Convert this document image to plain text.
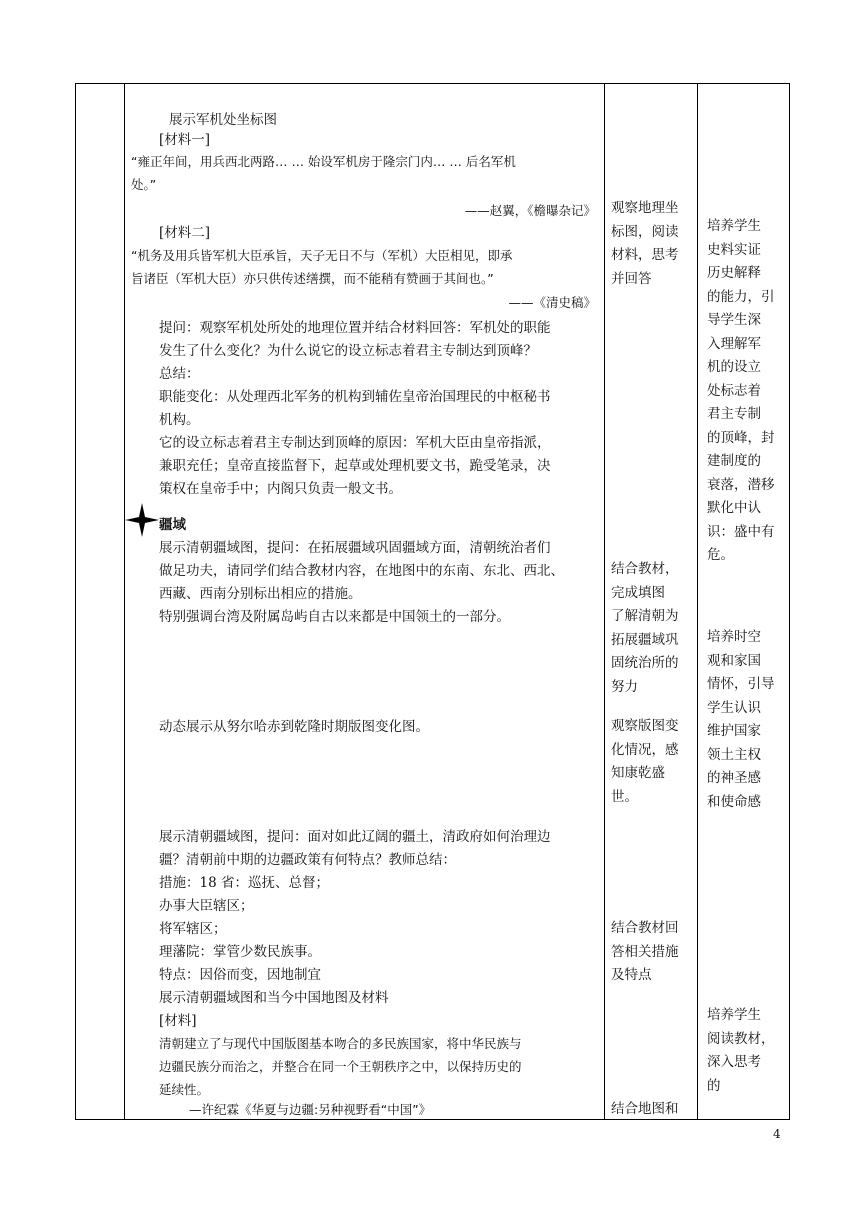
展示军机处坐标图
[材料一]
“雍正年间，用兵西北两路… … 始设军机房于隆宗门内… … 后名军机
处。”
——赵翼，《檐曝杂记》
[材料二]
“机务及用兵皆军机大臣承旨，天子无日不与（军机）大臣相见，即承
旨诸臣（军机大臣）亦只供传述缮撰，而不能稍有赞画于其间也。”
——《清史稿》
提问：观察军机处所处的地理位置并结合材料回答：军机处的职能
发生了什么变化？为什么说它的设立标志着君主专制达到顶峰？
总结：
职能变化：从处理西北军务的机构到辅佐皇帝治国理民的中枢秘书
机构。
它的设立标志着君主专制达到顶峰的原因：军机大臣由皇帝指派，
兼职充任；皇帝直接监督下，起草或处理机要文书，跪受笔录，决
策权在皇帝手中；内阁只负责一般文书。
疆域
展示清朝疆域图，提问：在拓展疆域巩固疆域方面，清朝统治者们
做足功夫，请同学们结合教材内容，在地图中的东南、东北、西北、
西藏、西南分别标出相应的措施。
特别强调台湾及附属岛屿自古以来都是中国领土的一部分。
动态展示从努尔哈赤到乾隆时期版图变化图。
展示清朝疆域图，提问：面对如此辽阔的疆土，清政府如何治理边
疆？清朝前中期的边疆政策有何特点？教师总结：
措施：18 省：巡抚、总督；
办事大臣辖区；
将军辖区；
理藩院：掌管少数民族事。
特点：因俗而变，因地制宜
展示清朝疆域图和当今中国地图及材料
[材料]
清朝建立了与现代中国版图基本吻合的多民族国家，将中华民族与
边疆民族分而治之，并整合在同一个王朝秩序之中，以保持历史的
延续性。
—许纪霖《华夏与边疆:另种视野看“中国”》
观察地理坐
标图，阅读
材料，思考
并回答
结合教材，
完成填图
了解清朝为
拓展疆域巩
固统治所的
努力
观察版图变
化情况，感
知康乾盛
世。
结合教材回
答相关措施
及特点
结合地图和
培养学生
史料实证
历史解释
的能力，引
导学生深
入理解军
机的设立
处标志着
君主专制
的顶峰，封
建制度的
衰落，潜移
默化中认
识：盛中有
危。
培养时空
观和家国
情怀，引导
学生认识
维护国家
领土主权
的神圣感
和使命感
培养学生
阅读教材，
深入思考
的
4
